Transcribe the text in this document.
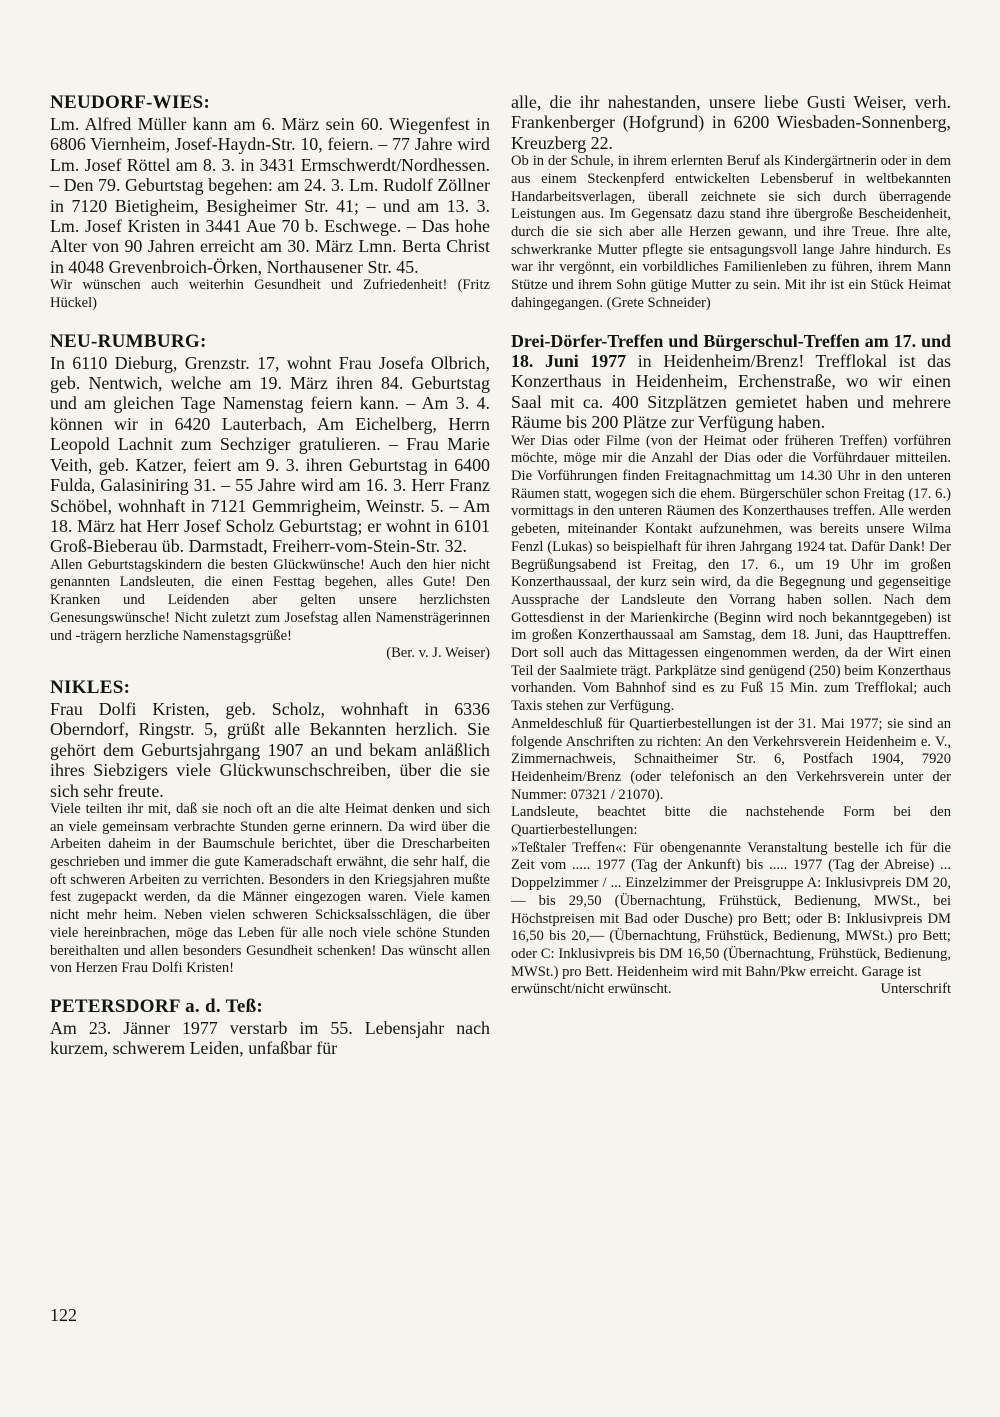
NEUDORF-WIES:

Lm. Alfred Müller kann am 6. März sein 60. Wiegenfest in 6806 Viernheim, Josef-Haydn-Str. 10, feiern. – 77 Jahre wird Lm. Josef Röttel am 8. 3. in 3431 Ermschwerdt/Nordhessen. – Den 79. Geburtstag begehen: am 24. 3. Lm. Rudolf Zöllner in 7120 Bietigheim, Besigheimer Str. 41; – und am 13. 3. Lm. Josef Kristen in 3441 Aue 70 b. Eschwege. – Das hohe Alter von 90 Jahren erreicht am 30. März Lmn. Berta Christ in 4048 Grevenbroich-Örken, Northausener Str. 45.

Wir wünschen auch weiterhin Gesundheit und Zufriedenheit! (Fritz Hückel)

NEU-RUMBURG:

In 6110 Dieburg, Grenzstr. 17, wohnt Frau Josefa Olbrich, geb. Nentwich, welche am 19. März ihren 84. Geburtstag und am gleichen Tage Namenstag feiern kann. – Am 3. 4. können wir in 6420 Lauterbach, Am Eichelberg, Herrn Leopold Lachnit zum Sechziger gratulieren. – Frau Marie Veith, geb. Katzer, feiert am 9. 3. ihren Geburtstag in 6400 Fulda, Galasiniring 31. – 55 Jahre wird am 16. 3. Herr Franz Schöbel, wohnhaft in 7121 Gemmrigheim, Weinstr. 5. – Am 18. März hat Herr Josef Scholz Geburtstag; er wohnt in 6101 Groß-Bieberau üb. Darmstadt, Freiherr-vom-Stein-Str. 32.

Allen Geburtstagskindern die besten Glückwünsche! Auch den hier nicht genannten Landsleuten, die einen Festtag begehen, alles Gute! Den Kranken und Leidenden aber gelten unsere herzlichsten Genesungswünsche! Nicht zuletzt zum Josefstag allen Namensträgerinnen und -trägern herzliche Namenstagsgrüße!

(Ber. v. J. Weiser)

NIKLES:

Frau Dolfi Kristen, geb. Scholz, wohnhaft in 6336 Oberndorf, Ringstr. 5, grüßt alle Bekannten herzlich. Sie gehört dem Geburtsjahrgang 1907 an und bekam anläßlich ihres Siebzigers viele Glückwunschschreiben, über die sie sich sehr freute.

Viele teilten ihr mit, daß sie noch oft an die alte Heimat denken und sich an viele gemeinsam verbrachte Stunden gerne erinnern. Da wird über die Arbeiten daheim in der Baumschule berichtet, über die Drescharbeiten geschrieben und immer die gute Kameradschaft erwähnt, die sehr half, die oft schweren Arbeiten zu verrichten. Besonders in den Kriegsjahren mußte fest zugepackt werden, da die Männer eingezogen waren. Viele kamen nicht mehr heim. Neben vielen schweren Schicksalsschlägen, die über viele hereinbrachen, möge das Leben für alle noch viele schöne Stunden bereithalten und allen besonders Gesundheit schenken! Das wünscht allen von Herzen Frau Dolfi Kristen!

PETERSDORF a. d. Teß:

Am 23. Jänner 1977 verstarb im 55. Lebensjahr nach kurzem, schwerem Leiden, unfaßbar für

alle, die ihr nahestanden, unsere liebe Gusti Weiser, verh. Frankenberger (Hofgrund) in 6200 Wiesbaden-Sonnenberg, Kreuzberg 22.

Ob in der Schule, in ihrem erlernten Beruf als Kindergärtnerin oder in dem aus einem Steckenpferd entwickelten Lebensberuf in weltbekannten Handarbeitsverlagen, überall zeichnete sie sich durch überragende Leistungen aus. Im Gegensatz dazu stand ihre übergroße Bescheidenheit, durch die sie sich aber alle Herzen gewann, und ihre Treue. Ihre alte, schwerkranke Mutter pflegte sie entsagungsvoll lange Jahre hindurch. Es war ihr vergönnt, ein vorbildliches Familienleben zu führen, ihrem Mann Stütze und ihrem Sohn gütige Mutter zu sein. Mit ihr ist ein Stück Heimat dahingegangen. (Grete Schneider)

Drei-Dörfer-Treffen und Bürgerschul-Treffen am 17. und 18. Juni 1977 in Heidenheim/Brenz! Trefflokal ist das Konzerthaus in Heidenheim, Erchenstraße, wo wir einen Saal mit ca. 400 Sitzplätzen gemietet haben und mehrere Räume bis 200 Plätze zur Verfügung haben.

Wer Dias oder Filme (von der Heimat oder früheren Treffen) vorführen möchte, möge mir die Anzahl der Dias oder die Vorführdauer mitteilen. Die Vorführungen finden Freitagnachmittag um 14.30 Uhr in den unteren Räumen statt, wogegen sich die ehem. Bürgerschüler schon Freitag (17. 6.) vormittags in den unteren Räumen des Konzerthauses treffen. Alle werden gebeten, miteinander Kontakt aufzunehmen, was bereits unsere Wilma Fenzl (Lukas) so beispielhaft für ihren Jahrgang 1924 tat. Dafür Dank! Der Begrüßungsabend ist Freitag, den 17. 6., um 19 Uhr im großen Konzerthaussaal, der kurz sein wird, da die Begegnung und gegenseitige Aussprache der Landsleute den Vorrang haben sollen. Nach dem Gottesdienst in der Marienkirche (Beginn wird noch bekanntgegeben) ist im großen Konzerthaussaal am Samstag, dem 18. Juni, das Haupttreffen. Dort soll auch das Mittagessen eingenommen werden, da der Wirt einen Teil der Saalmiete trägt. Parkplätze sind genügend (250) beim Konzerthaus vorhanden. Vom Bahnhof sind es zu Fuß 15 Min. zum Trefflokal; auch Taxis stehen zur Verfügung.

Anmeldeschluß für Quartierbestellungen ist der 31. Mai 1977; sie sind an folgende Anschriften zu richten: An den Verkehrsverein Heidenheim e. V., Zimmernachweis, Schnaitheimer Str. 6, Postfach 1904, 7920 Heidenheim/Brenz (oder telefonisch an den Verkehrsverein unter der Nummer: 07321 / 21070).

Landsleute, beachtet bitte die nachstehende Form bei den Quartierbestellungen:

»Teßtaler Treffen«: Für obengenannte Veranstaltung bestelle ich für die Zeit vom ..... 1977 (Tag der Ankunft) bis ..... 1977 (Tag der Abreise) ... Doppelzimmer / ... Einzelzimmer der Preisgruppe A: Inklusivpreis DM 20,— bis 29,50 (Übernachtung, Frühstück, Bedienung, MWSt., bei Höchstpreisen mit Bad oder Dusche) pro Bett; oder B: Inklusivpreis DM 16,50 bis 20,— (Übernachtung, Frühstück, Bedienung, MWSt.) pro Bett; oder C: Inklusivpreis bis DM 16,50 (Übernachtung, Frühstück, Bedienung, MWSt.) pro Bett. Heidenheim wird mit Bahn/Pkw erreicht. Garage ist

erwünscht/nicht erwünscht.	Unterschrift
122
